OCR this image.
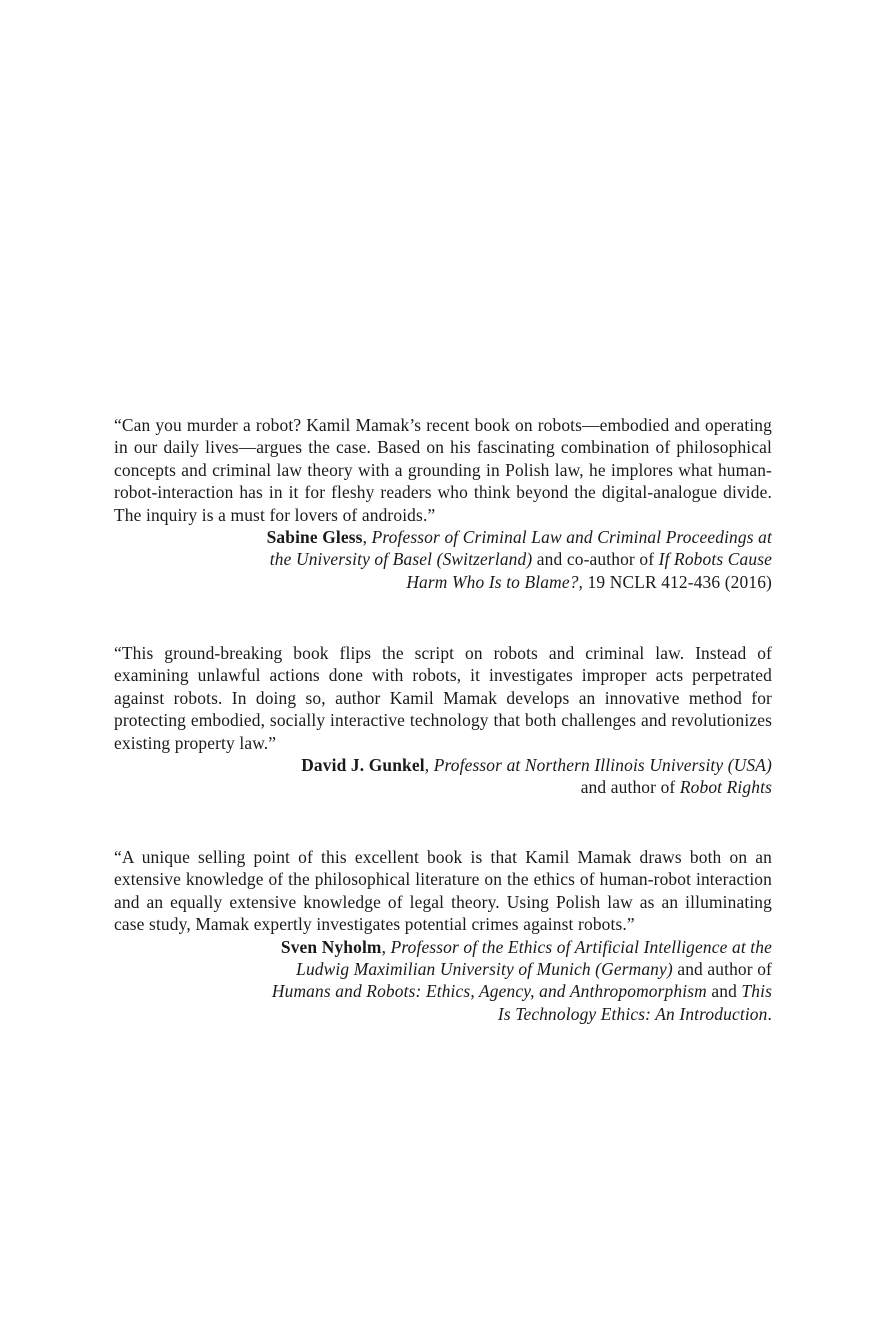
“Can you murder a robot? Kamil Mamak’s recent book on robots—embodied and operating in our daily lives—argues the case. Based on his fascinating combination of philosophical concepts and criminal law theory with a grounding in Polish law, he implores what human-robot-interaction has in it for fleshy readers who think beyond the digital-analogue divide. The inquiry is a must for lovers of androids.”

Sabine Gless, Professor of Criminal Law and Criminal Proceedings at
the University of Basel (Switzerland) and co-author of If Robots Cause
Harm Who Is to Blame?, 19 NCLR 412-436 (2016)

“This ground-breaking book flips the script on robots and criminal law. Instead of examining unlawful actions done with robots, it investigates improper acts perpetrated against robots. In doing so, author Kamil Mamak develops an innovative method for protecting embodied, socially interactive technology that both challenges and revolutionizes existing property law.”

David J. Gunkel, Professor at Northern Illinois University (USA)
and author of Robot Rights

“A unique selling point of this excellent book is that Kamil Mamak draws both on an extensive knowledge of the philosophical literature on the ethics of human-robot interaction and an equally extensive knowledge of legal theory. Using Polish law as an illuminating case study, Mamak expertly investigates potential crimes against robots.”

Sven Nyholm, Professor of the Ethics of Artificial Intelligence at the
Ludwig Maximilian University of Munich (Germany) and author of
Humans and Robots: Ethics, Agency, and Anthropomorphism and This
Is Technology Ethics: An Introduction.
